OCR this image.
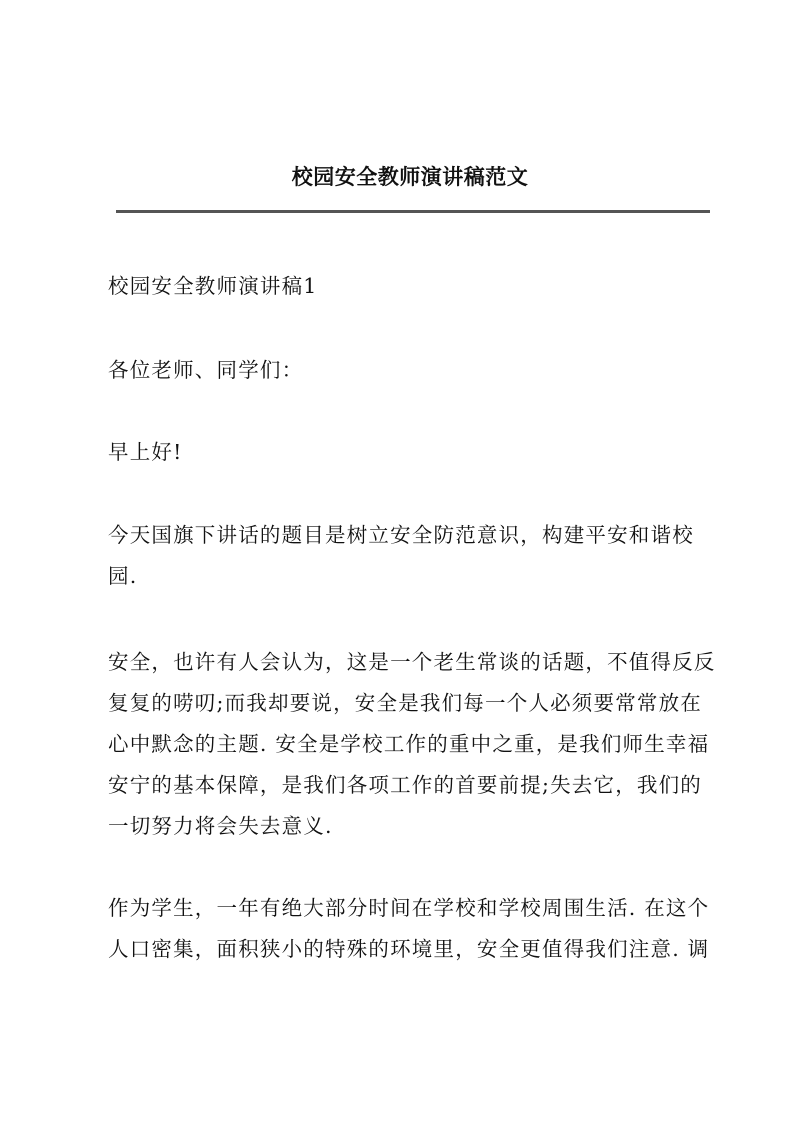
校园安全教师演讲稿范文

校园安全教师演讲稿1

各位老师、同学们：

早上好!

今天国旗下讲话的题目是树立安全防范意识，构建平安和谐校
园.

安全，也许有人会认为，这是一个老生常谈的话题，不值得反反
复复的唠叨;而我却要说，安全是我们每一个人必须要常常放在
心中默念的主题. 安全是学校工作的重中之重，是我们师生幸福
安宁的基本保障，是我们各项工作的首要前提;失去它，我们的
一切努力将会失去意义.

作为学生，一年有绝大部分时间在学校和学校周围生活. 在这个
人口密集，面积狭小的特殊的环境里，安全更值得我们注意. 调
